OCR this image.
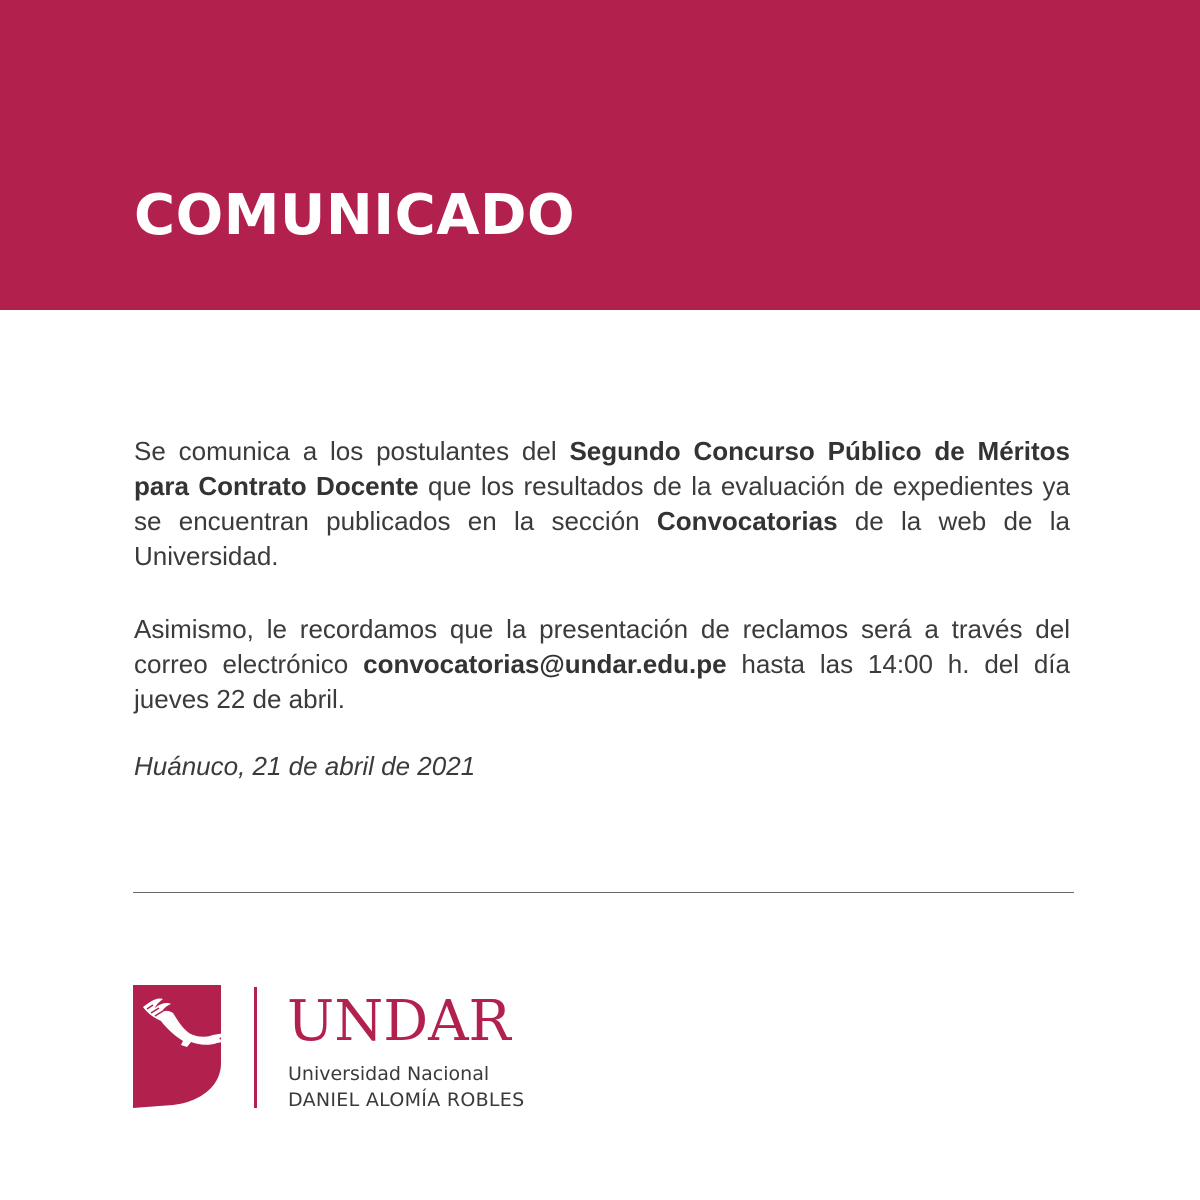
COMUNICADO

Se comunica a los postulantes del Segundo Concurso Público de Méritos para Contrato Docente que los resultados de la evaluación de expedientes ya se encuentran publicados en la sección Convocatorias de la web de la Universidad.

Asimismo, le recordamos que la presentación de reclamos será a través del correo electrónico convocatorias@undar.edu.pe hasta las 14:00 h. del día jueves 22 de abril.

Huánuco, 21 de abril de 2021

UNDAR

Universidad Nacional

DANIEL ALOMÍA ROBLES
